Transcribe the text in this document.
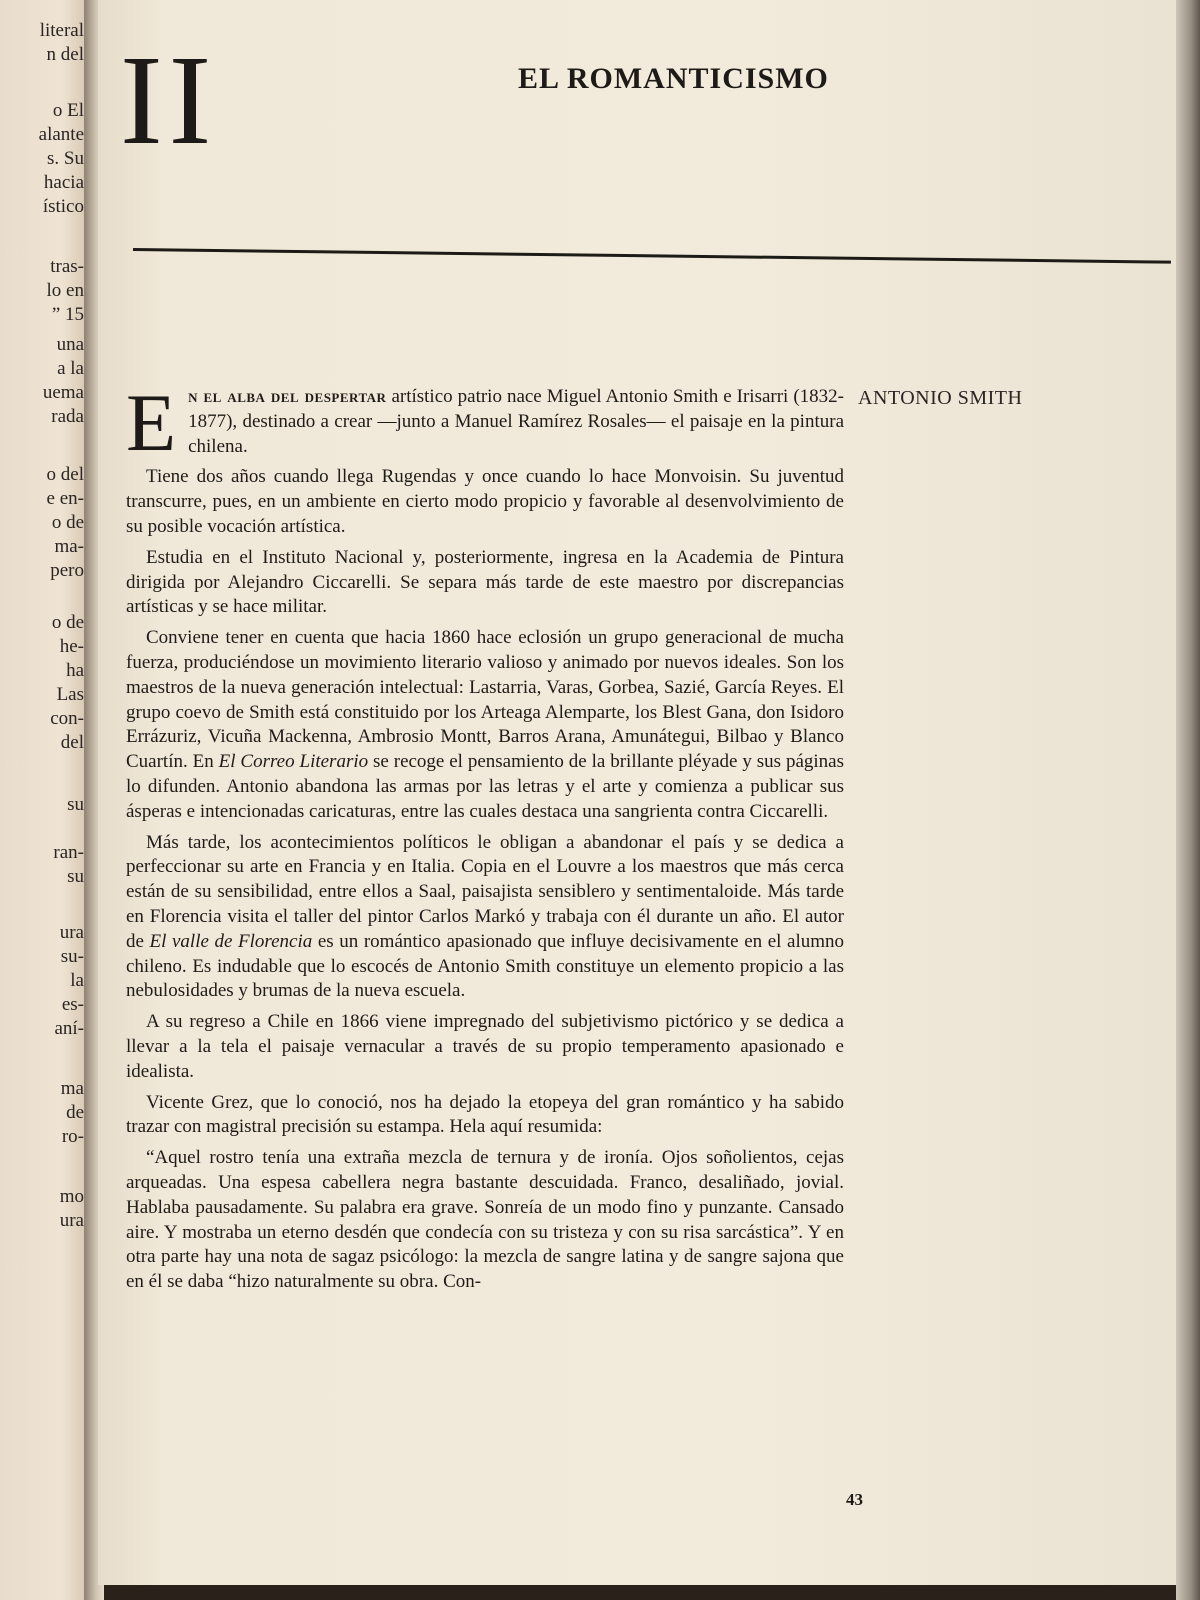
literal
n del
o El
alante
s. Su
hacia
ístico
tras-
lo en
” 15
una
a la
uema
rada
o del
e en-
o de
ma-
pero
o de
he-
ha
Las
con-
del
su
ran-
su
ura
su-
la
es-
aní-
ma
de
ro-
mo
ura
II	EL ROMANTICISMO
ANTONIO SMITH

En el alba del despertar artístico patrio nace Miguel Antonio Smith e Irisarri (1832-1877), destinado a crear —junto a Manuel Ramírez Rosales— el paisaje en la pintura chilena.

Tiene dos años cuando llega Rugendas y once cuando lo hace Monvoisin. Su juventud transcurre, pues, en un ambiente en cierto modo propicio y favorable al desenvolvimiento de su posible vocación artística.

Estudia en el Instituto Nacional y, posteriormente, ingresa en la Academia de Pintura dirigida por Alejandro Ciccarelli. Se separa más tarde de este maestro por discrepancias artísticas y se hace militar.

Conviene tener en cuenta que hacia 1860 hace eclosión un grupo generacional de mucha fuerza, produciéndose un movimiento literario valioso y animado por nuevos ideales. Son los maestros de la nueva generación intelectual: Lastarria, Varas, Gorbea, Sazié, García Reyes. El grupo coevo de Smith está constituido por los Arteaga Alemparte, los Blest Gana, don Isidoro Errázuriz, Vicuña Mackenna, Ambrosio Montt, Barros Arana, Amunátegui, Bilbao y Blanco Cuartín. En El Correo Literario se recoge el pensamiento de la brillante pléyade y sus páginas lo difunden. Antonio abandona las armas por las letras y el arte y comienza a publicar sus ásperas e intencionadas caricaturas, entre las cuales destaca una sangrienta contra Ciccarelli.

Más tarde, los acontecimientos políticos le obligan a abandonar el país y se dedica a perfeccionar su arte en Francia y en Italia. Copia en el Louvre a los maestros que más cerca están de su sensibilidad, entre ellos a Saal, paisajista sensiblero y sentimentaloide. Más tarde en Florencia visita el taller del pintor Carlos Markó y trabaja con él durante un año. El autor de El valle de Florencia es un romántico apasionado que influye decisivamente en el alumno chileno. Es indudable que lo escocés de Antonio Smith constituye un elemento propicio a las nebulosidades y brumas de la nueva escuela.

A su regreso a Chile en 1866 viene impregnado del subjetivismo pictórico y se dedica a llevar a la tela el paisaje vernacular a través de su propio temperamento apasionado e idealista.

Vicente Grez, que lo conoció, nos ha dejado la etopeya del gran romántico y ha sabido trazar con magistral precisión su estampa. Hela aquí resumida:

“Aquel rostro tenía una extraña mezcla de ternura y de ironía. Ojos soñolientos, cejas arqueadas. Una espesa cabellera negra bastante descuidada. Franco, desaliñado, jovial. Hablaba pausadamente. Su palabra era grave. Sonreía de un modo fino y punzante. Cansado aire. Y mostraba un eterno desdén que condecía con su tristeza y con su risa sarcástica”. Y en otra parte hay una nota de sagaz psicólogo: la mezcla de sangre latina y de sangre sajona que en él se daba “hizo naturalmente su obra. Con-

43
